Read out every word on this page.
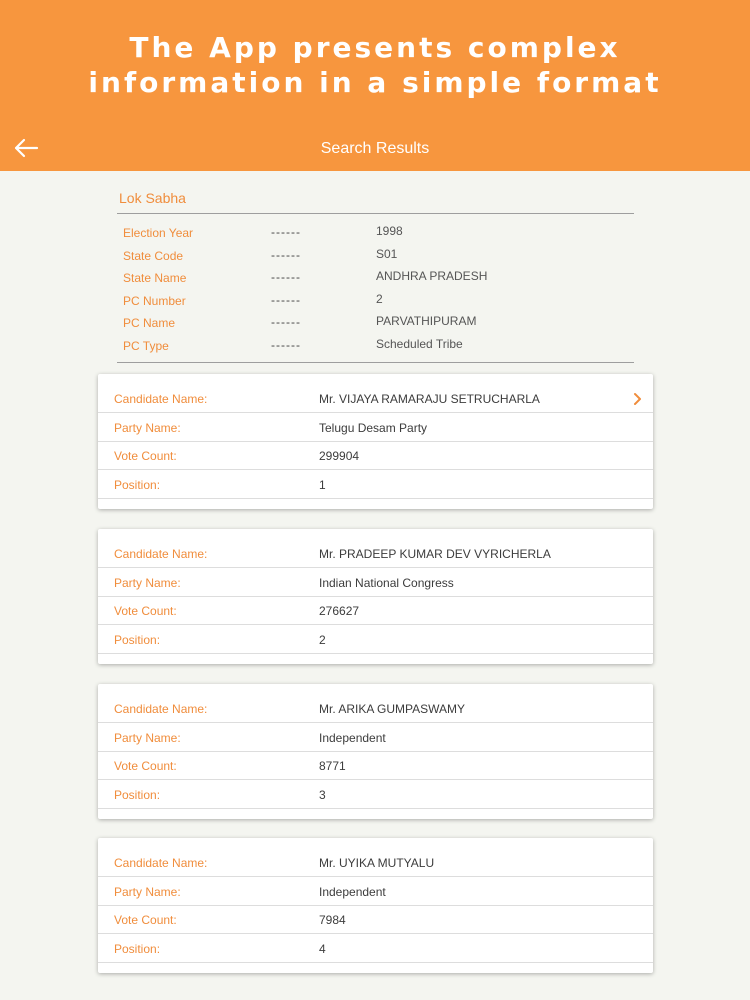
The App presents complex
information in a simple format
Search Results
Lok Sabha
Election Year	------	1998
State Code	------	S01
State Name	------	ANDHRA PRADESH
PC Number	------	2
PC Name	------	PARVATHIPURAM
PC Type	------	Scheduled Tribe
Candidate Name:	Mr. VIJAYA RAMARAJU SETRUCHARLA
Party Name:	Telugu Desam Party
Vote Count:	299904
Position:	1
Candidate Name:	Mr. PRADEEP KUMAR DEV VYRICHERLA
Party Name:	Indian National Congress
Vote Count:	276627
Position:	2
Candidate Name:	Mr. ARIKA GUMPASWAMY
Party Name:	Independent
Vote Count:	8771
Position:	3
Candidate Name:	Mr. UYIKA MUTYALU
Party Name:	Independent
Vote Count:	7984
Position:	4
